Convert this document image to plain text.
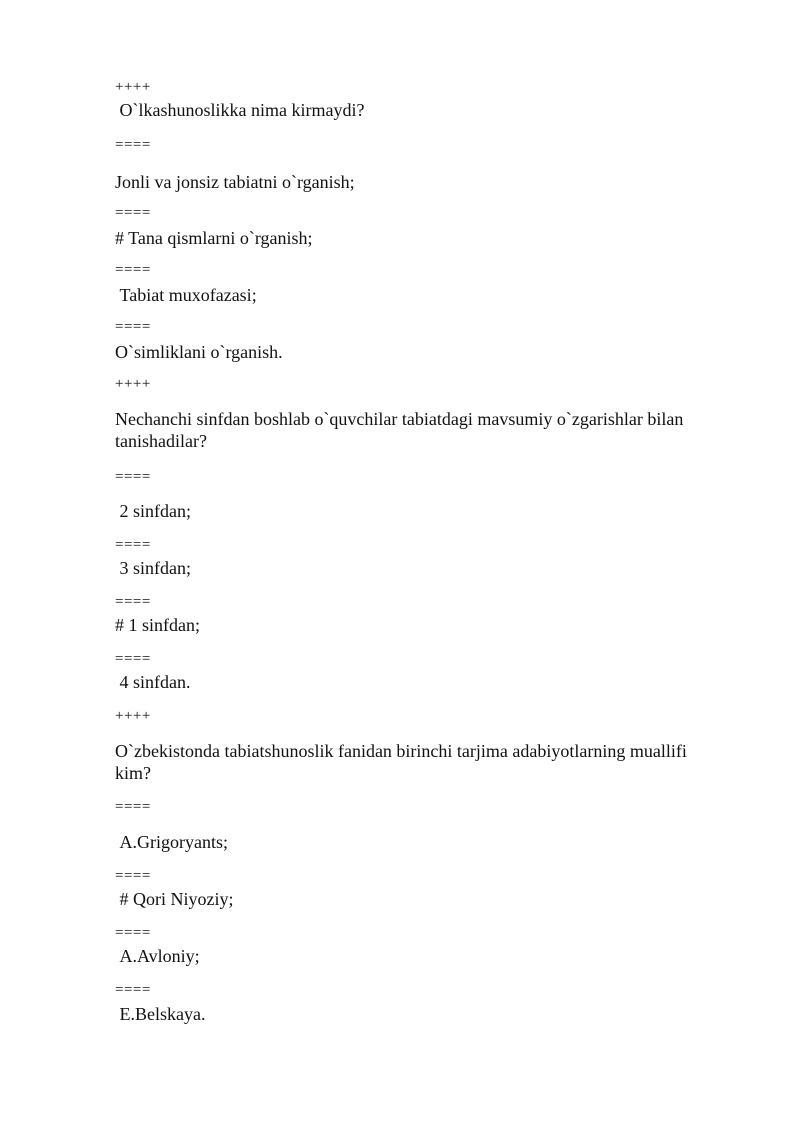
++++
O`lkashunoslikka nima kirmaydi?
====
Jonli va jonsiz tabiatni o`rganish;
====
# Tana qismlarni o`rganish;
====
Tabiat muxofazasi;
====
O`simliklani o`rganish.
++++
Nechanchi sinfdan boshlab o`quvchilar tabiatdagi mavsumiy o`zgarishlar bilan tanishadilar?
====
2 sinfdan;
====
3 sinfdan;
====
# 1 sinfdan;
====
4 sinfdan.
++++
O`zbekistonda tabiatshunoslik fanidan birinchi tarjima adabiyotlarning muallifi kim?
====
A.Grigoryants;
====
# Qori Niyoziy;
====
A.Avloniy;
====
E.Belskaya.
